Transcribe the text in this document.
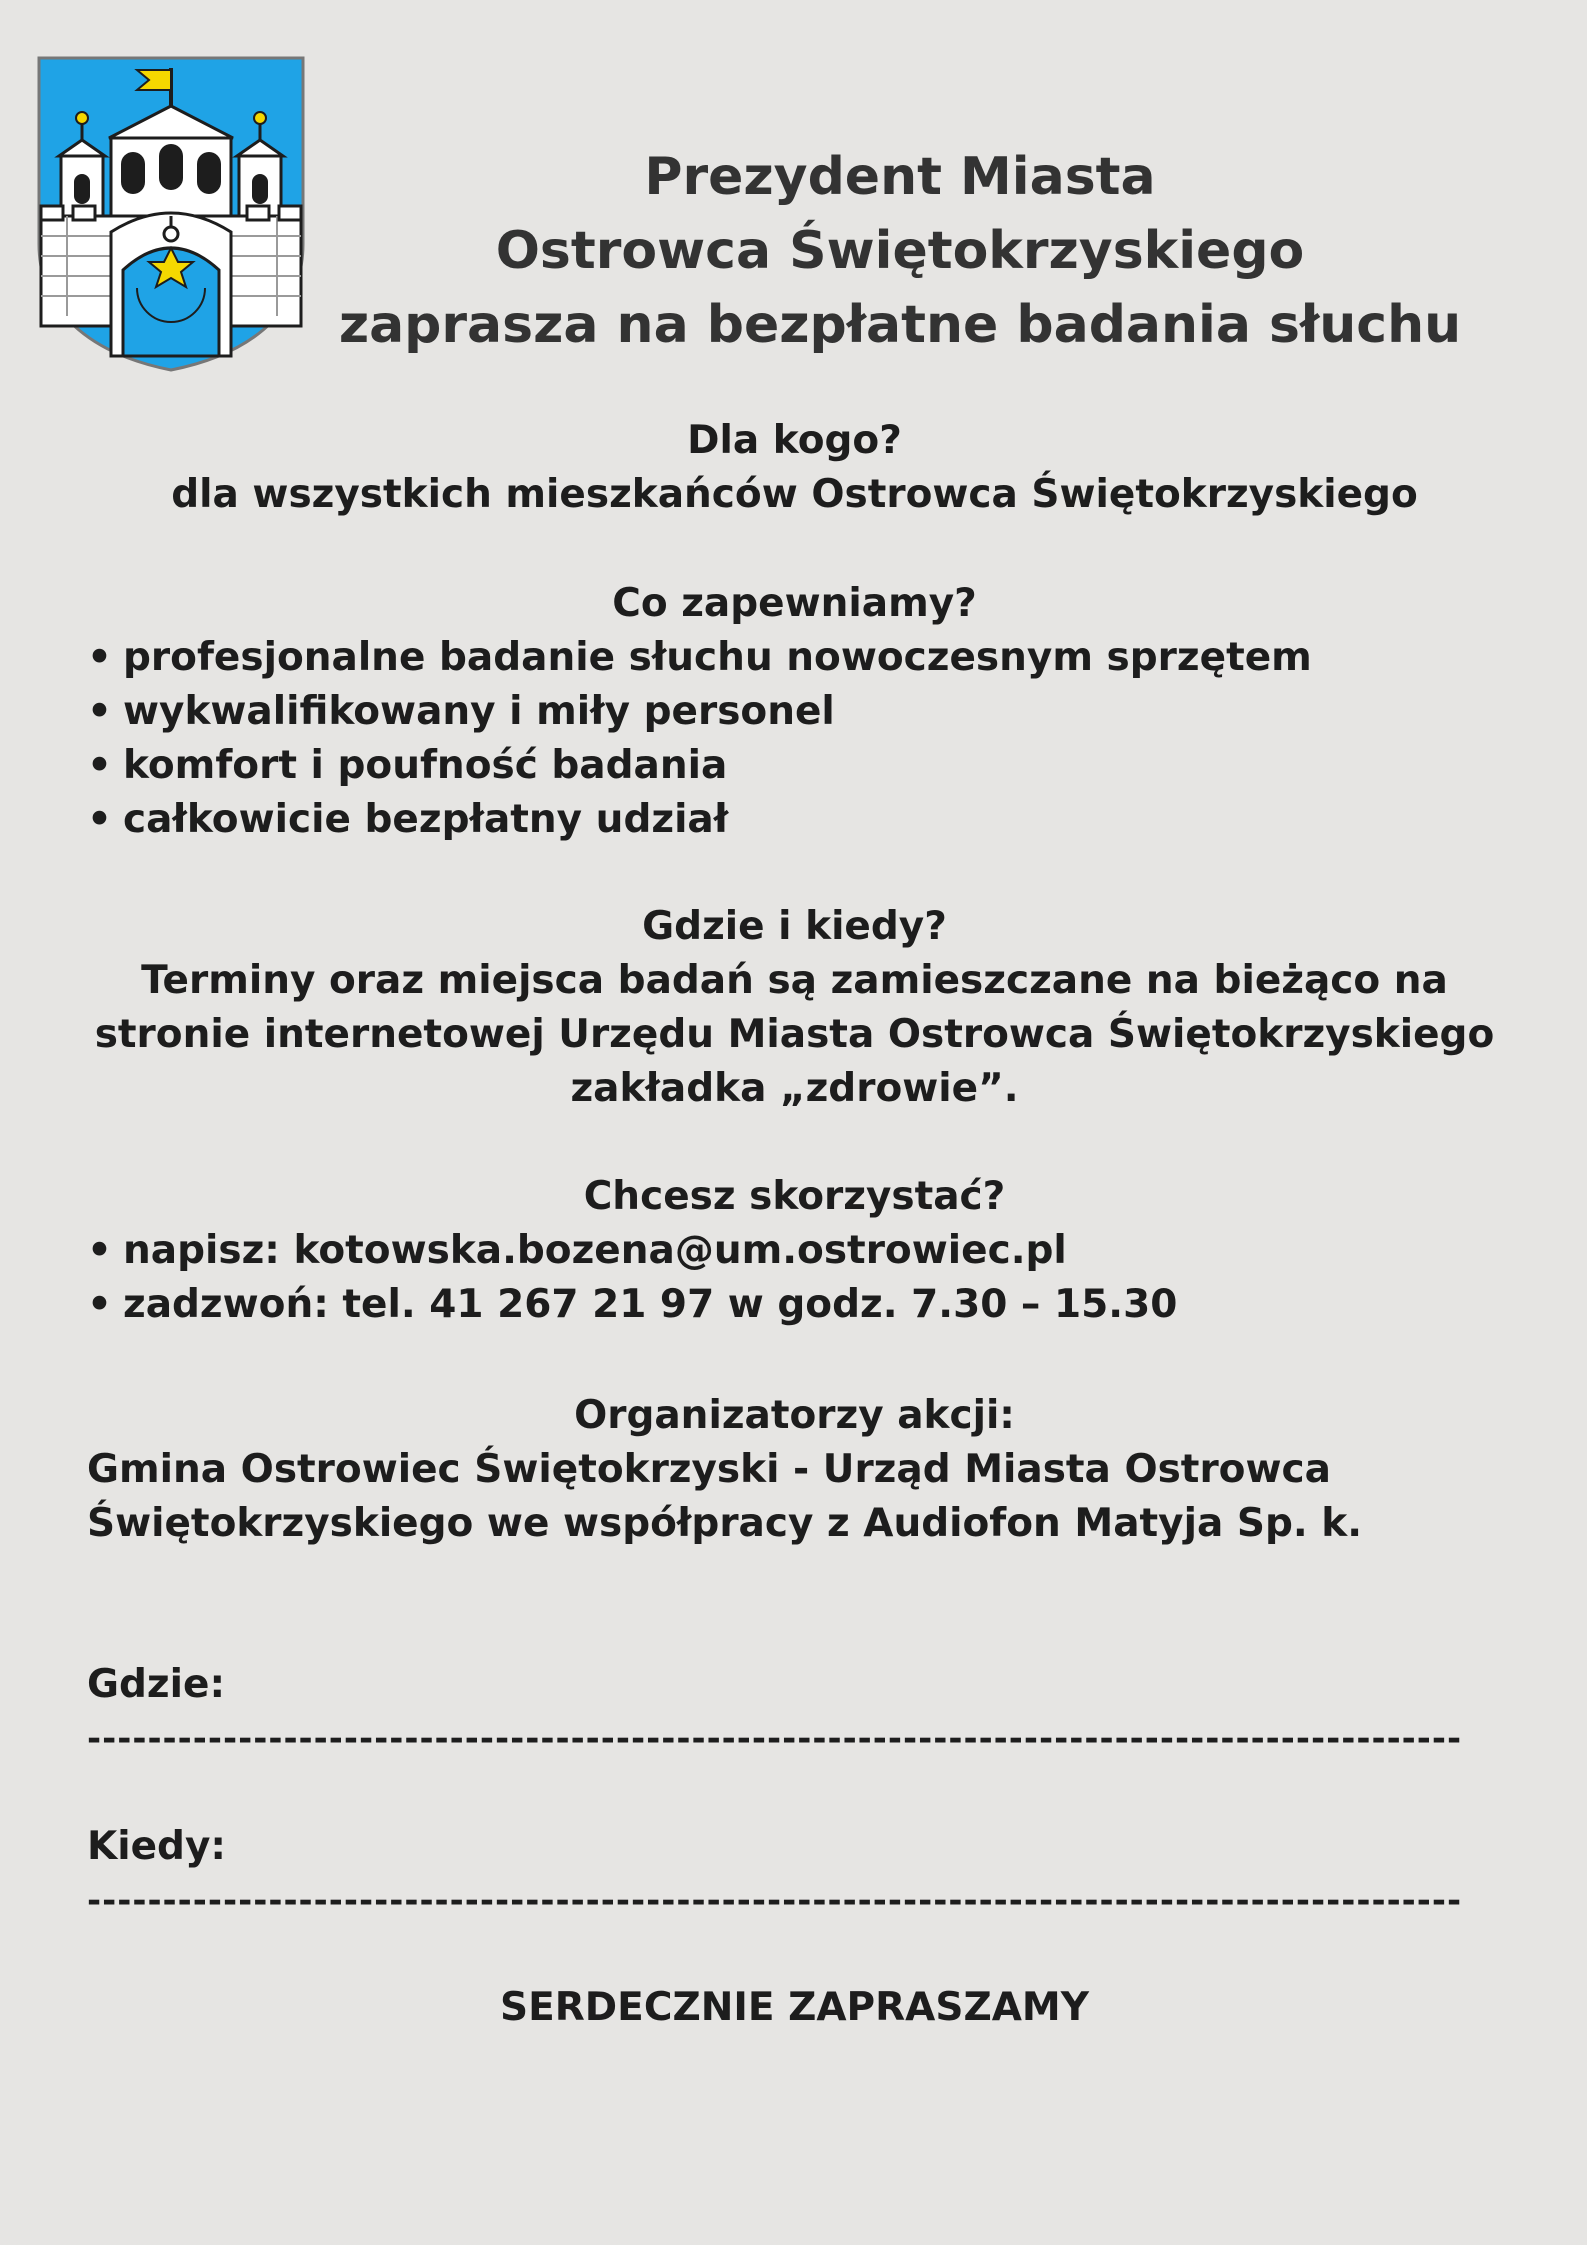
Prezydent Miasta
Ostrowca Świętokrzyskiego
zaprasza na bezpłatne badania słuchu
Dla kogo?
dla wszystkich mieszkańców Ostrowca Świętokrzyskiego
Co zapewniamy?
• profesjonalne badanie słuchu nowoczesnym sprzętem
• wykwalifikowany i miły personel
• komfort i poufność badania
• całkowicie bezpłatny udział
Gdzie i kiedy?
Terminy oraz miejsca badań są zamieszczane na bieżąco na
stronie internetowej Urzędu Miasta Ostrowca Świętokrzyskiego
zakładka „zdrowie”.
Chcesz skorzystać?
• napisz: kotowska.bozena@um.ostrowiec.pl
• zadzwoń: tel. 41 267 21 97 w godz. 7.30 – 15.30
Organizatorzy akcji:
Gmina Ostrowiec Świętokrzyski - Urząd Miasta Ostrowca
Świętokrzyskiego we współpracy z Audiofon Matyja Sp. k.
Gdzie:
-------------------------------------------------------------------------------------------
Kiedy:
-------------------------------------------------------------------------------------------
SERDECZNIE ZAPRASZAMY
